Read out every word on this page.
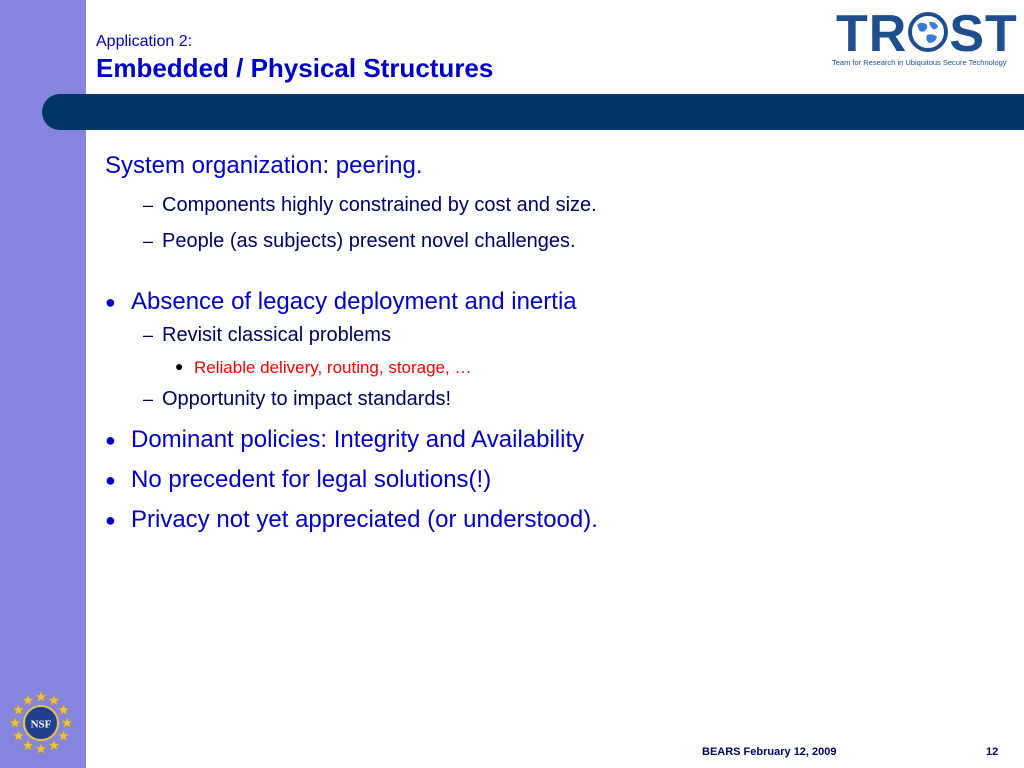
Application 2:
Embedded / Physical Structures
TR ST
Team for Research in Ubiquitous Secure Technology
System organization: peering.
– Components highly constrained by cost and size.
– People (as subjects) present novel challenges.
● Absence of legacy deployment and inertia
– Revisit classical problems
● Reliable delivery, routing, storage, …
– Opportunity to impact standards!
● Dominant policies: Integrity and Availability
● No precedent for legal solutions(!)
● Privacy not yet appreciated (or understood).
NSF
BEARS February 12, 2009	12
